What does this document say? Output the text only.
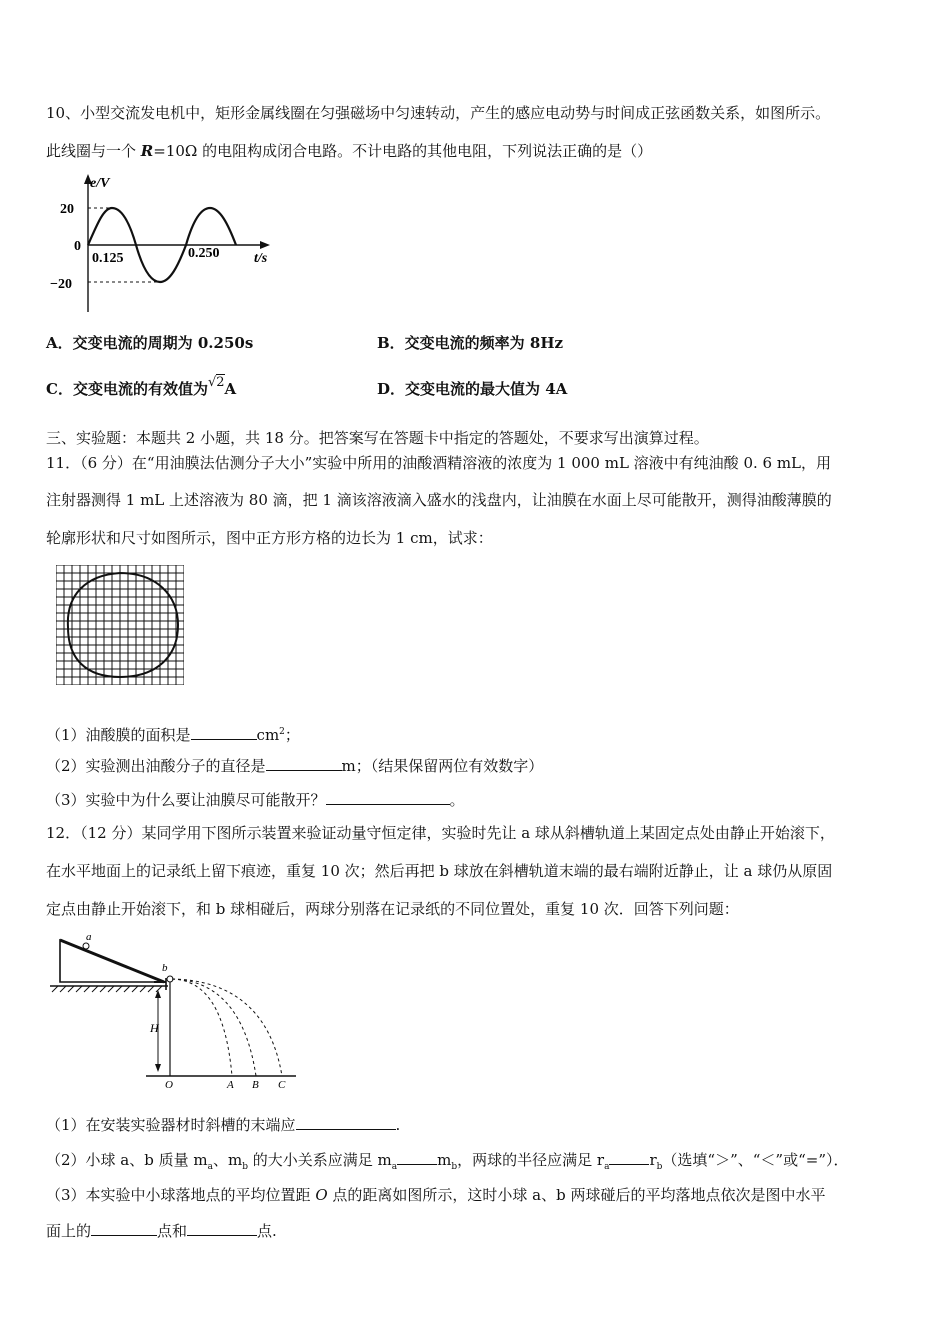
10、小型交流发电机中，矩形金属线圈在匀强磁场中匀速转动，产生的感应电动势与时间成正弦函数关系，如图所示。
此线圈与一个 R=10Ω 的电阻构成闭合电路。不计电路的其他电阻，下列说法正确的是（）
e/V
20
0
−20
0.125	0.250 t/s
A．交变电流的周期为 0.250s	B．交变电流的频率为 8Hz
C．交变电流的有效值为√2A	D．交变电流的最大值为 4A
三、实验题：本题共 2 小题，共 18 分。把答案写在答题卡中指定的答题处，不要求写出演算过程。
11．（6 分）在“用油膜法估测分子大小”实验中所用的油酸酒精溶液的浓度为 1 000 mL 溶液中有纯油酸 0. 6 mL，用
注射器测得 1 mL 上述溶液为 80 滴，把 1 滴该溶液滴入盛水的浅盘内，让油膜在水面上尽可能散开，测得油酸薄膜的
轮廓形状和尺寸如图所示，图中正方形方格的边长为 1 cm，试求：
（1）油酸膜的面积是	$cm^2$；
（2）实验测出油酸分子的直径是	m；（结果保留两位有效数字）
（3）实验中为什么要让油膜尽可能散开？	。
12．（12 分）某同学用下图所示装置来验证动量守恒定律，实验时先让 a 球从斜槽轨道上某固定点处由静止开始滚下，
在水平地面上的记录纸上留下痕迹，重复 10 次；然后再把 b 球放在斜槽轨道末端的最右端附近静止，让 a 球仍从原固
定点由静止开始滚下，和 b 球相碰后，两球分别落在记录纸的不同位置处，重复 10 次．回答下列问题：
a
b
H
O	A B C
（1）在安装实验器材时斜槽的末端应	.
（2）小球 a、b 质量 $m_a$、$m_b$ 的大小关系应满足 $m_a$	$m_b$，两球的半径应满足 $r_a$	$r_b$（选填“＞”、“＜”或“=”）．
（3）本实验中小球落地点的平均位置距 O 点的距离如图所示，这时小球 a、b 两球碰后的平均落地点依次是图中水平
面上的	点和	点.
